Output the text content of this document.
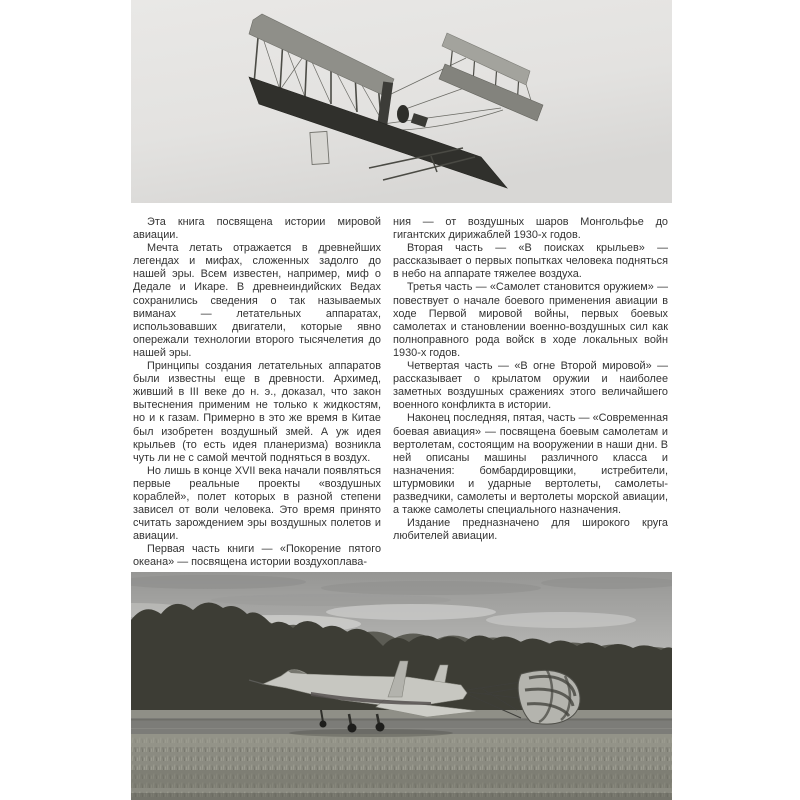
Эта книга посвящена истории мировой авиации.

Мечта летать отражается в древнейших легендах и мифах, сложенных задолго до нашей эры. Всем известен, например, миф о Дедале и Икаре. В древнеиндийских Ведах сохранились сведения о так называемых виманах — летательных аппаратах, использовавших двигатели, которые явно опережали технологии второго тысячелетия до нашей эры.

Принципы создания летательных аппаратов были известны еще в древности. Архимед, живший в III веке до н. э., доказал, что закон вытеснения применим не только к жидкостям, но и к газам. Примерно в это же время в Китае был изобретен воздушный змей. А уж идея крыльев (то есть идея планеризма) возникла чуть ли не с самой мечтой подняться в воздух.

Но лишь в конце XVII века начали появляться первые реальные проекты «воздушных кораблей», полет которых в разной степени зависел от воли человека. Это время принято считать зарождением эры воздушных полетов и авиации.

Первая часть книги — «Покорение пятого океана» — посвящена истории воздухоплава-

ния — от воздушных шаров Монгольфье до гигантских дирижаблей 1930-х годов.

Вторая часть — «В поисках крыльев» — рассказывает о первых попытках человека подняться в небо на аппарате тяжелее воздуха.

Третья часть — «Самолет становится оружием» — повествует о начале боевого применения авиации в ходе Первой мировой войны, первых боевых самолетах и становлении военно-воздушных сил как полноправного рода войск в ходе локальных войн 1930-х годов.

Четвертая часть — «В огне Второй мировой» — рассказывает о крылатом оружии и наиболее заметных воздушных сражениях этого величайшего военного конфликта в истории.

Наконец последняя, пятая, часть — «Современная боевая авиация» — посвящена боевым самолетам и вертолетам, состоящим на вооружении в наши дни. В ней описаны машины различного класса и назначения: бомбардировщики, истребители, штурмовики и ударные вертолеты, самолеты-разведчики, самолеты и вертолеты морской авиации, а также самолеты специального назначения.

Издание предназначено для широкого круга любителей авиации.
